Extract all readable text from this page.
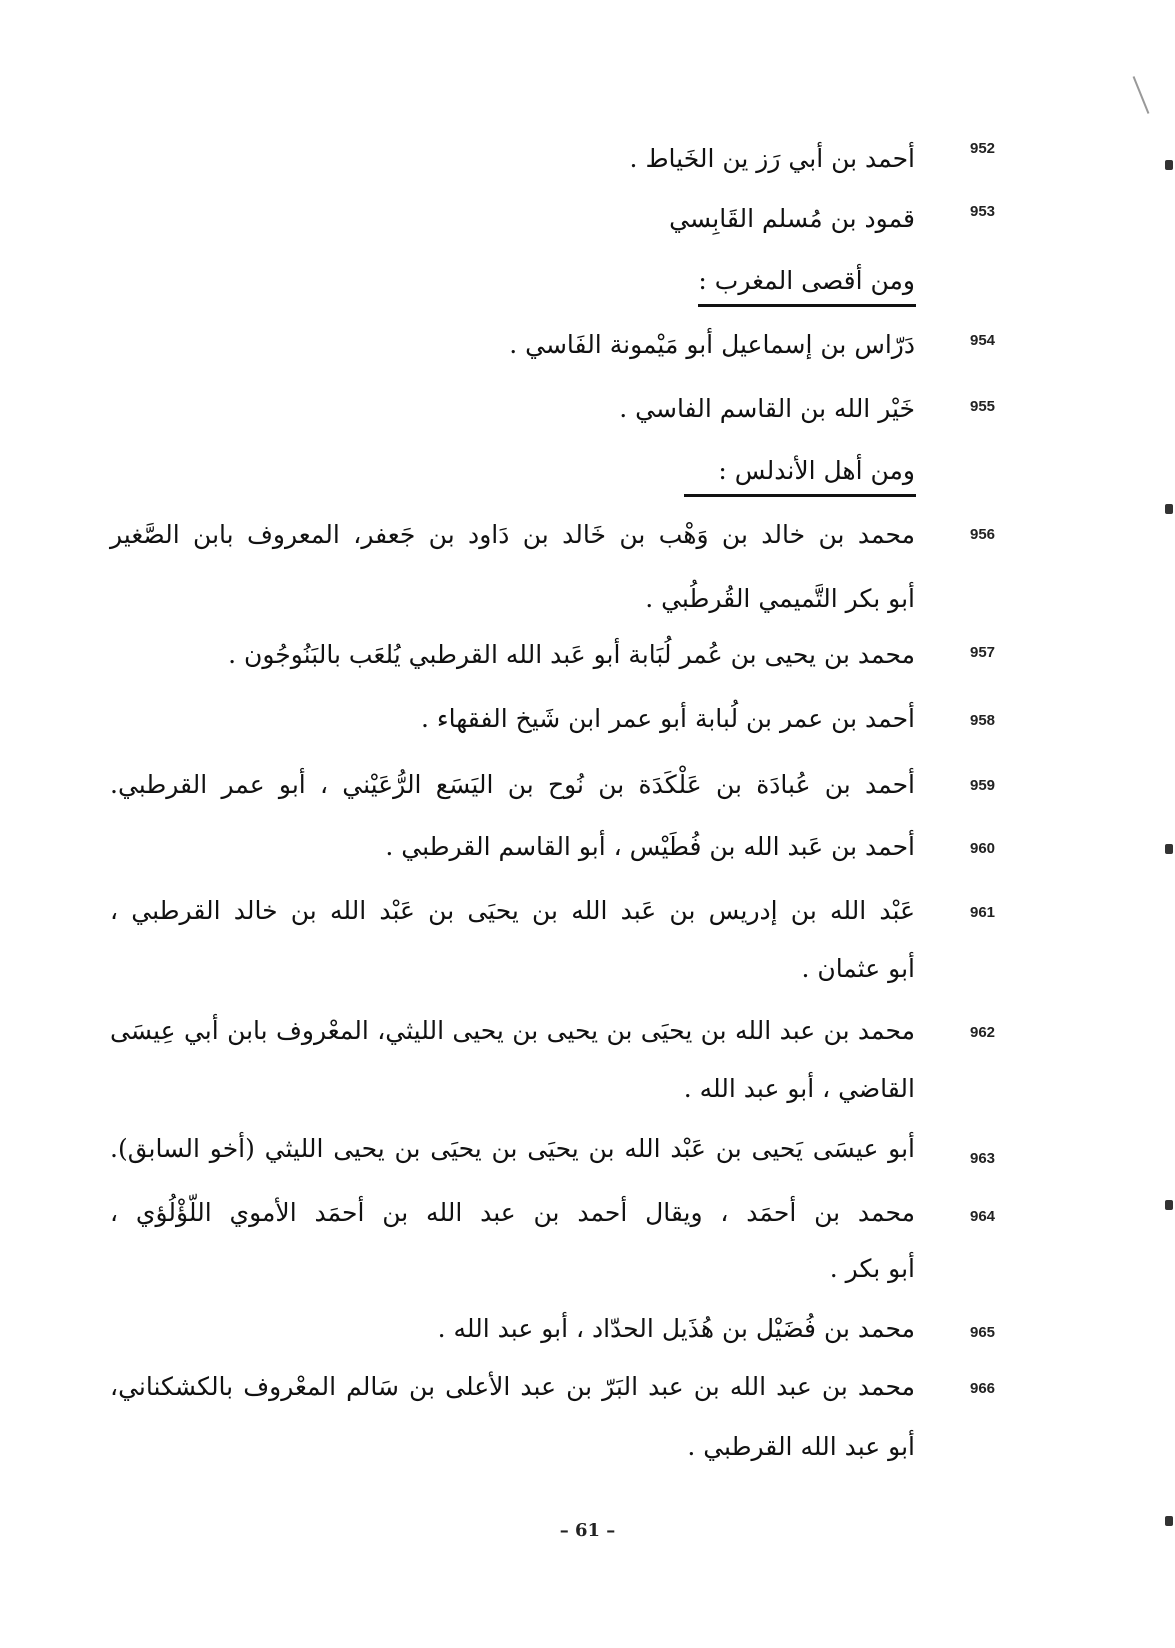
952
أحمد بن أبي رَز ين الخَياط .
953
قمود بن مُسلم القَابِسي
ومن أقصى المغرب :
954
دَرّاس بن إسماعيل أبو مَيْمونة الفَاسي .
955
خَيْر الله بن القاسم الفاسي .
ومن أهل الأندلس :
956
محمد بن خالد بن وَهْب بن خَالد بن دَاود بن جَعفر، المعروف بابن الصَّغير
أبو بكر التَّميمي القُرطُبي .
957
محمد بن يحيى بن عُمر لُبَابة أبو عَبد الله القرطبي يُلعَب بالبَنُوجُون .
958
أحمد بن عمر بن لُبابة أبو عمر ابن شَيخ الفقهاء .
959
أحمد بن عُبادَة بن عَلْكَدَة بن نُوح بن اليَسَع الرُّعَيْني ، أبو عمر القرطبي.
960
أحمد بن عَبد الله بن فُطَيْس ، أبو القاسم القرطبي .
961
عَبْد الله بن إدريس بن عَبد الله بن يحيَى بن عَبْد الله بن خالد القرطبي ،
أبو عثمان .
962
محمد بن عبد الله بن يحيَى بن يحيى بن يحيى الليثي، المعْروف بابن أبي عِيسَى
القاضي ، أبو عبد الله .
963
أبو عيسَى يَحيى بن عَبْد الله بن يحيَى بن يحيَى بن يحيى الليثي (أخو السابق).
964
محمد بن أحمَد ، ويقال أحمد بن عبد الله بن أحمَد الأموي اللّؤْلُؤي ،
أبو بكر .
965
محمد بن فُضَيْل بن هُذَيل الحدّاد ، أبو عبد الله .
966
محمد بن عبد الله بن عبد البَرّ بن عبد الأعلى بن سَالم المعْروف بالكشكناني،
أبو عبد الله القرطبي .
– 61 –
